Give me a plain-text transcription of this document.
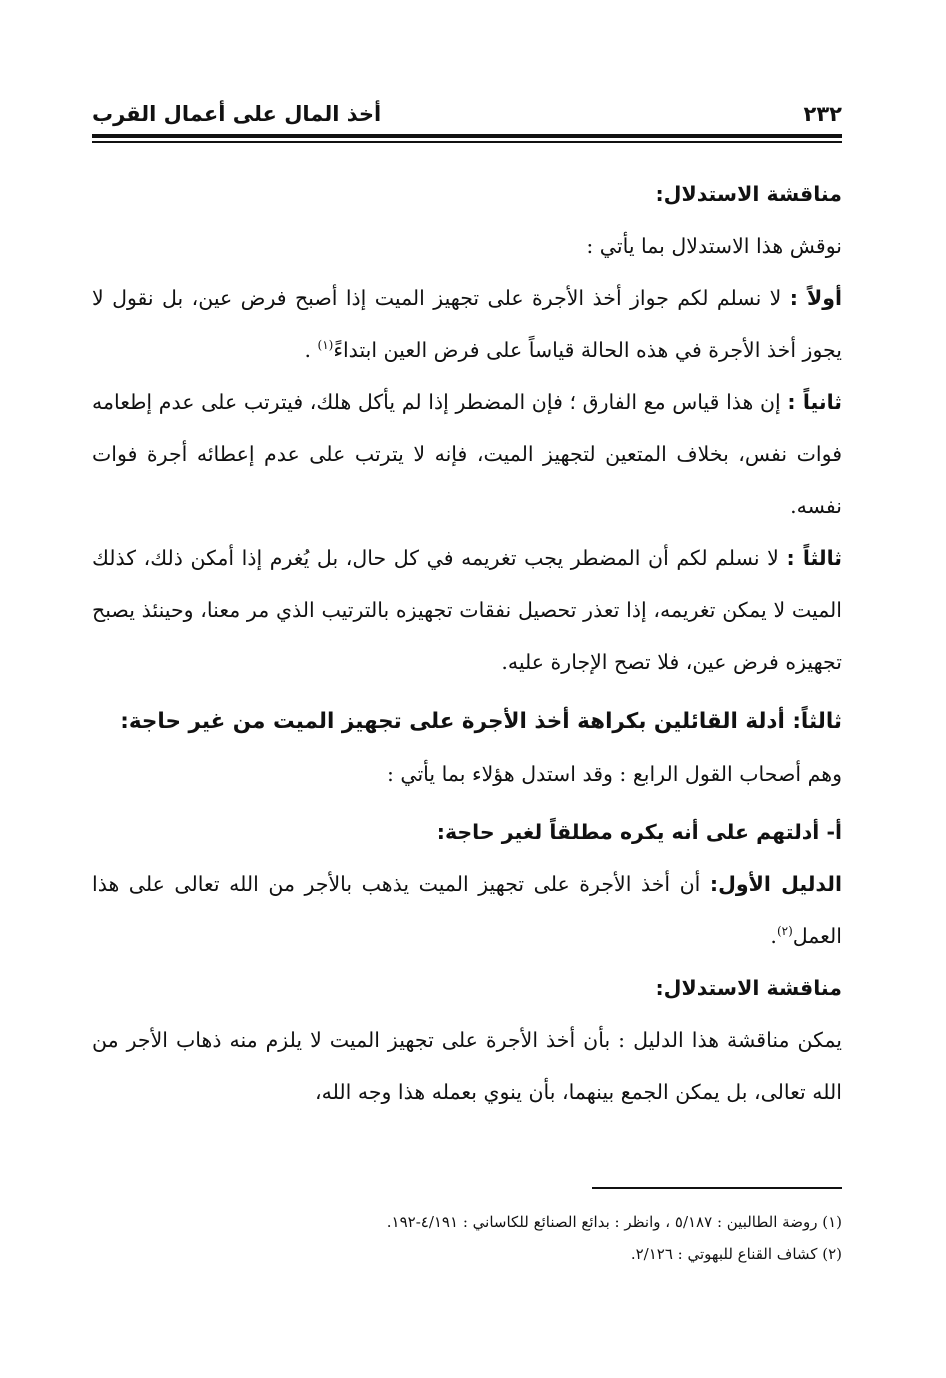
٢٣٢
أخذ المال على أعمال القرب

مناقشة الاستدلال:

نوقش هذا الاستدلال بما يأتي :

أولاً : لا نسلم لكم جواز أخذ الأجرة على تجهيز الميت إذا أصبح فرض عين، بل نقول لا يجوز أخذ الأجرة في هذه الحالة قياساً على فرض العين ابتداءً$^{(١)}$ .

ثانياً : إن هذا قياس مع الفارق ؛ فإن المضطر إذا لم يأكل هلك، فيترتب على عدم إطعامه فوات نفس، بخلاف المتعين لتجهيز الميت، فإنه لا يترتب على عدم إعطائه أجرة فوات نفسه.

ثالثاً : لا نسلم لكم أن المضطر يجب تغريمه في كل حال، بل يُغرم إذا أمكن ذلك، كذلك الميت لا يمكن تغريمه، إذا تعذر تحصيل نفقات تجهيزه بالترتيب الذي مر معنا، وحينئذ يصبح تجهيزه فرض عين، فلا تصح الإجارة عليه.

ثالثاً: أدلة القائلين بكراهة أخذ الأجرة على تجهيز الميت من غير حاجة:

وهم أصحاب القول الرابع : وقد استدل هؤلاء بما يأتي :

أ- أدلتهم على أنه يكره مطلقاً لغير حاجة:

الدليل الأول: أن أخذ الأجرة على تجهيز الميت يذهب بالأجر من الله تعالى على هذا العمل$^{(٢)}$.

مناقشة الاستدلال:

يمكن مناقشة هذا الدليل : بأن أخذ الأجرة على تجهيز الميت لا يلزم منه ذهاب الأجر من الله تعالى، بل يمكن الجمع بينهما، بأن ينوي بعمله هذا وجه الله،

(١) روضة الطالبين : ٥/١٨٧ ، وانظر : بدائع الصنائع للكاساني : ٤/١٩١-١٩٢.

(٢) كشاف القناع للبهوتي : ٢/١٢٦.
